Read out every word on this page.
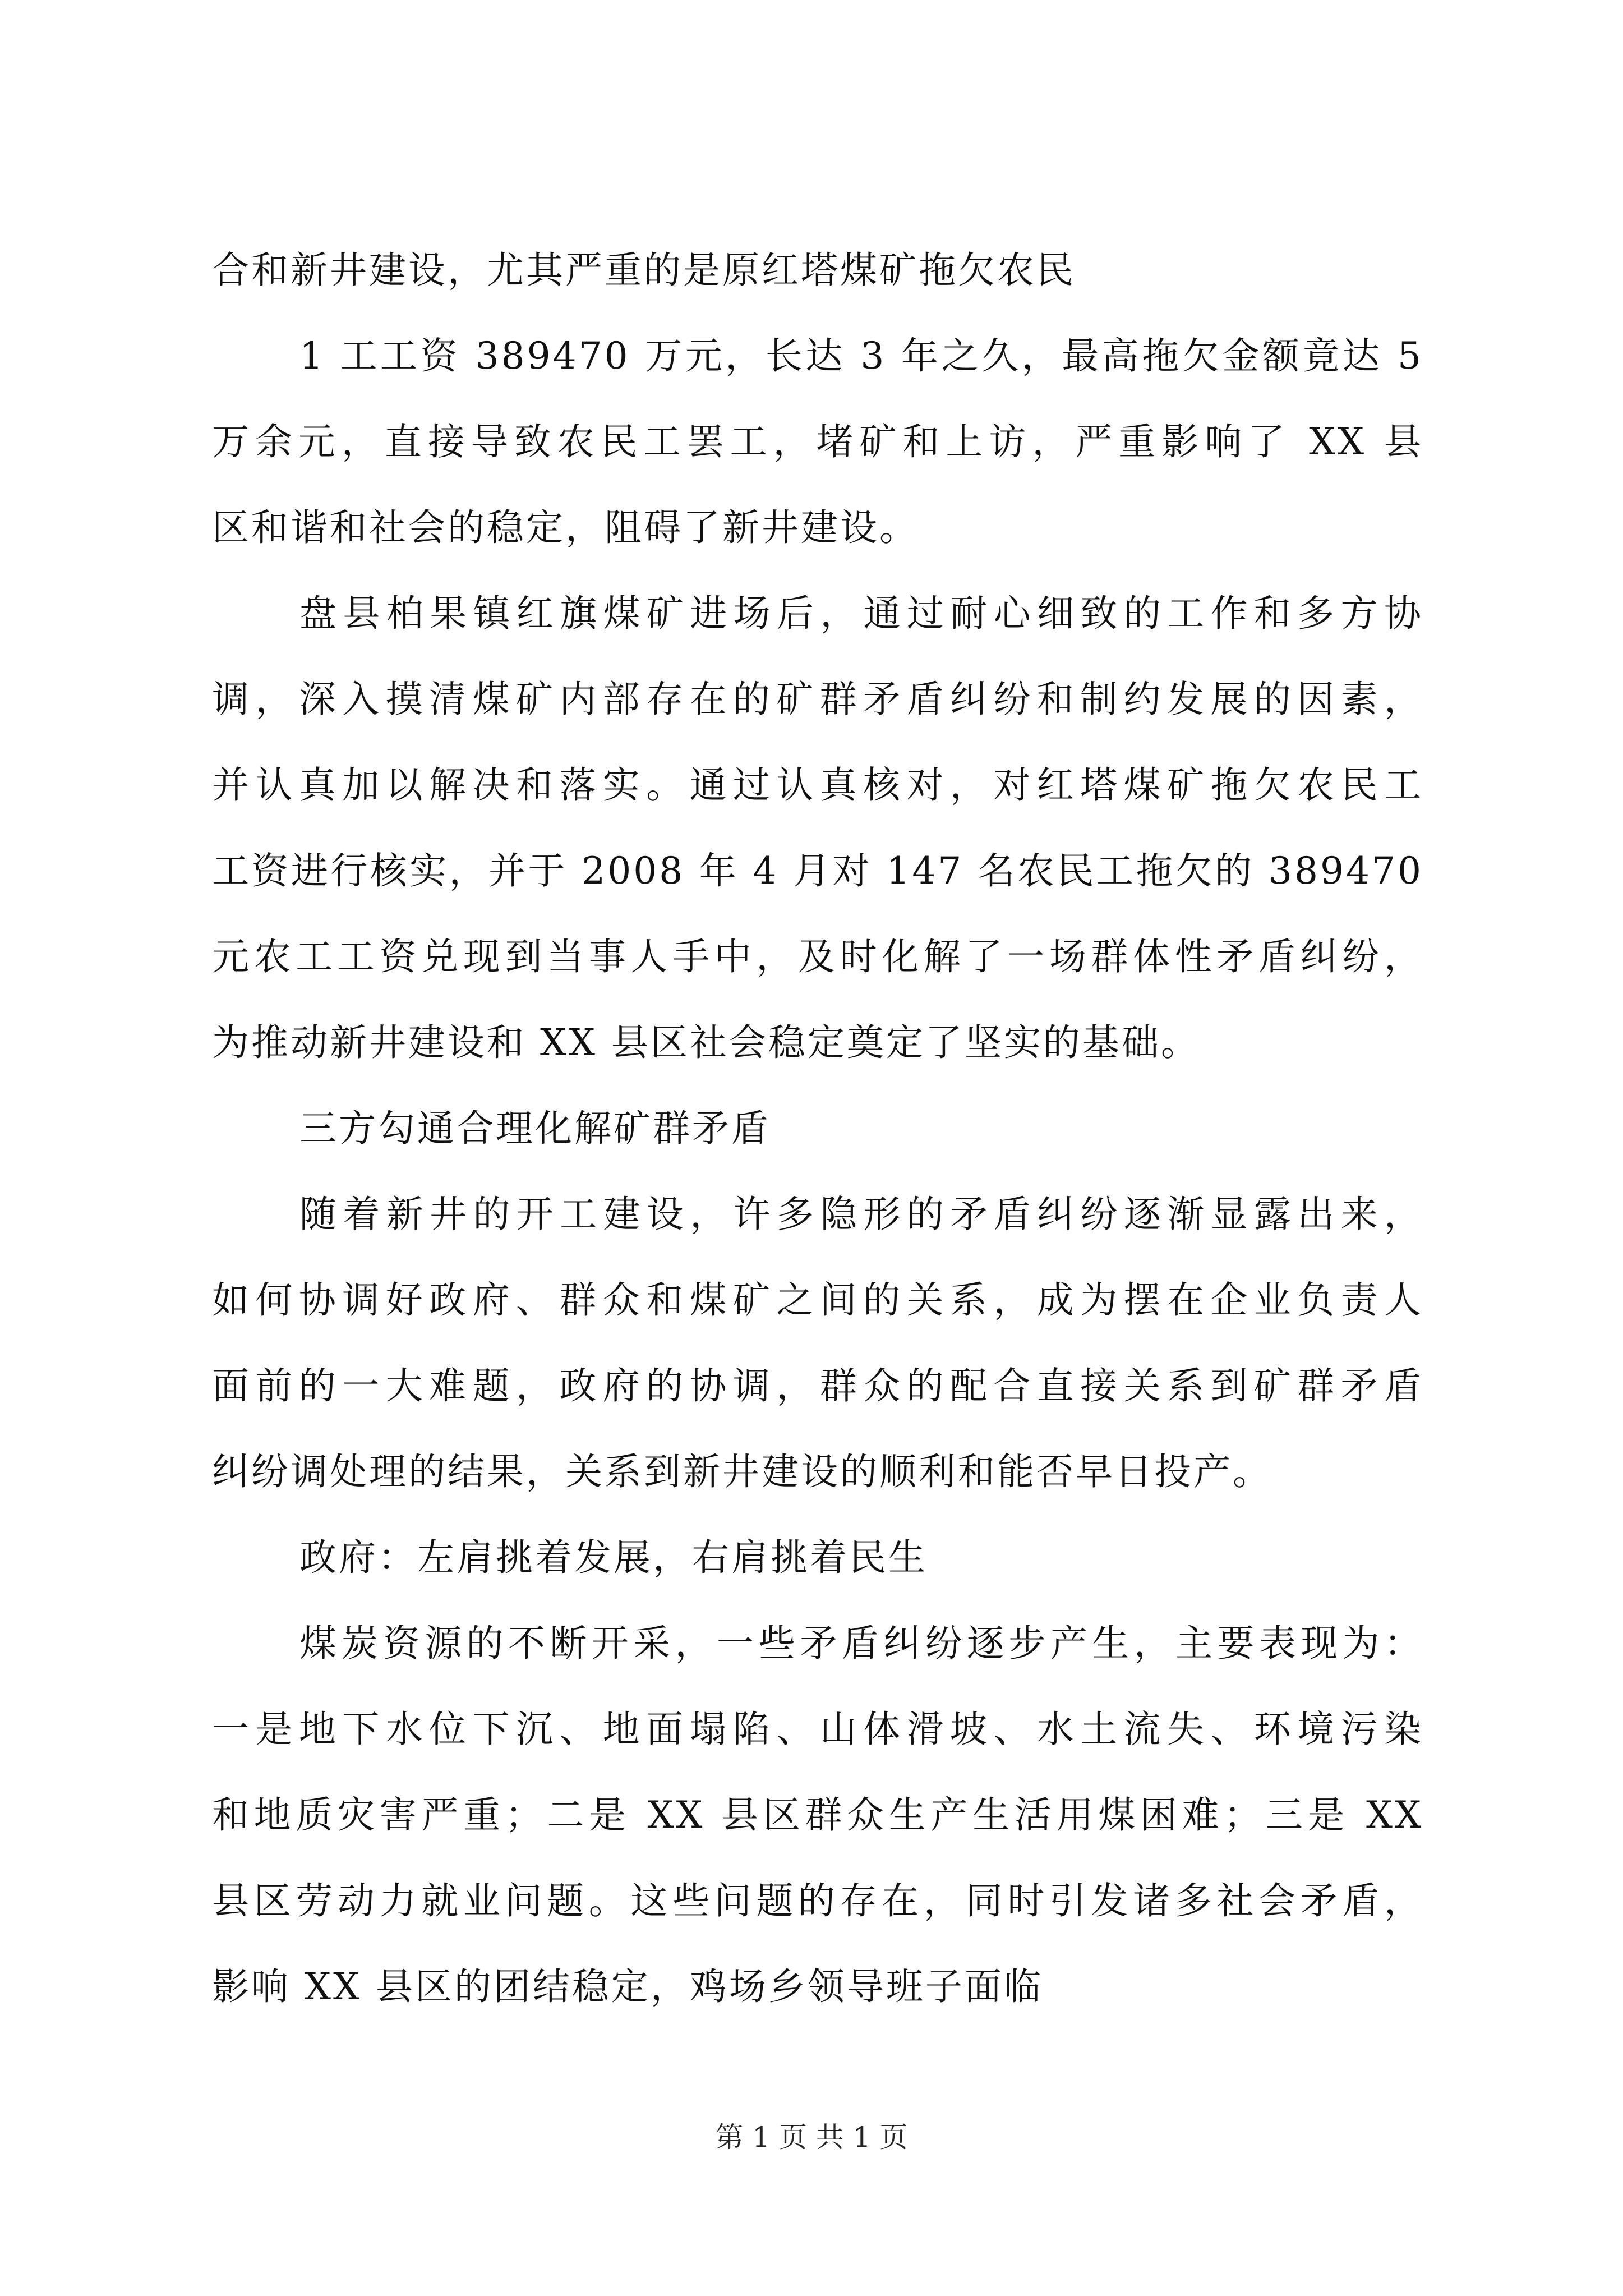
合和新井建设，尤其严重的是原红塔煤矿拖欠农民
1 工工资 389470 万元，长达 3 年之久，最高拖欠金额竟达 5
万余元，直接导致农民工罢工，堵矿和上访，严重影响了 XX 县
区和谐和社会的稳定，阻碍了新井建设。
盘县柏果镇红旗煤矿进场后，通过耐心细致的工作和多方协
调，深入摸清煤矿内部存在的矿群矛盾纠纷和制约发展的因素，
并认真加以解决和落实。通过认真核对，对红塔煤矿拖欠农民工
工资进行核实，并于 2008 年 4 月对 147 名农民工拖欠的 389470
元农工工资兑现到当事人手中，及时化解了一场群体性矛盾纠纷，
为推动新井建设和 XX 县区社会稳定奠定了坚实的基础。
三方勾通合理化解矿群矛盾
随着新井的开工建设，许多隐形的矛盾纠纷逐渐显露出来，
如何协调好政府、群众和煤矿之间的关系，成为摆在企业负责人
面前的一大难题，政府的协调，群众的配合直接关系到矿群矛盾
纠纷调处理的结果，关系到新井建设的顺利和能否早日投产。
政府：左肩挑着发展，右肩挑着民生
煤炭资源的不断开采，一些矛盾纠纷逐步产生，主要表现为：
一是地下水位下沉、地面塌陷、山体滑坡、水土流失、环境污染
和地质灾害严重；二是 XX 县区群众生产生活用煤困难；三是 XX
县区劳动力就业问题。这些问题的存在，同时引发诸多社会矛盾，
影响 XX 县区的团结稳定，鸡场乡领导班子面临
第 1 页 共 1 页
